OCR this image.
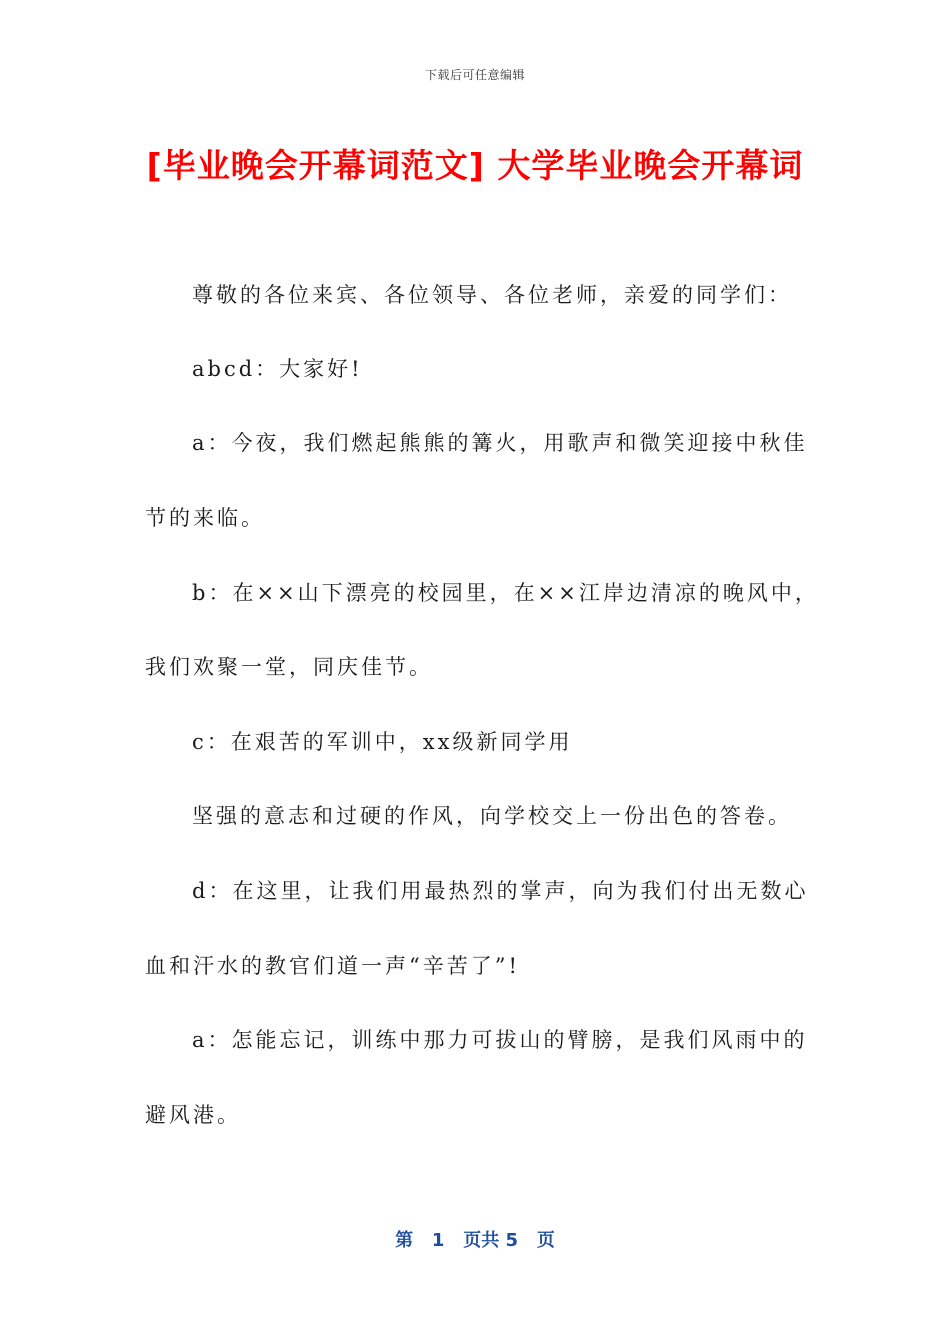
下载后可任意编辑
[毕业晚会开幕词范文] 大学毕业晚会开幕词
尊敬的各位来宾、各位领导、各位老师，亲爱的同学们：
abcd：大家好!
a：今夜，我们燃起熊熊的篝火，用歌声和微笑迎接中秋佳
节的来临。
b：在××山下漂亮的校园里，在××江岸边清凉的晚风中，
我们欢聚一堂，同庆佳节。
c：在艰苦的军训中，xx级新同学用
坚强的意志和过硬的作风，向学校交上一份出色的答卷。
d：在这里，让我们用最热烈的掌声，向为我们付出无数心
血和汗水的教官们道一声“辛苦了”!
a：怎能忘记，训练中那力可拔山的臂膀，是我们风雨中的
避风港。
第 1 页共 5 页
